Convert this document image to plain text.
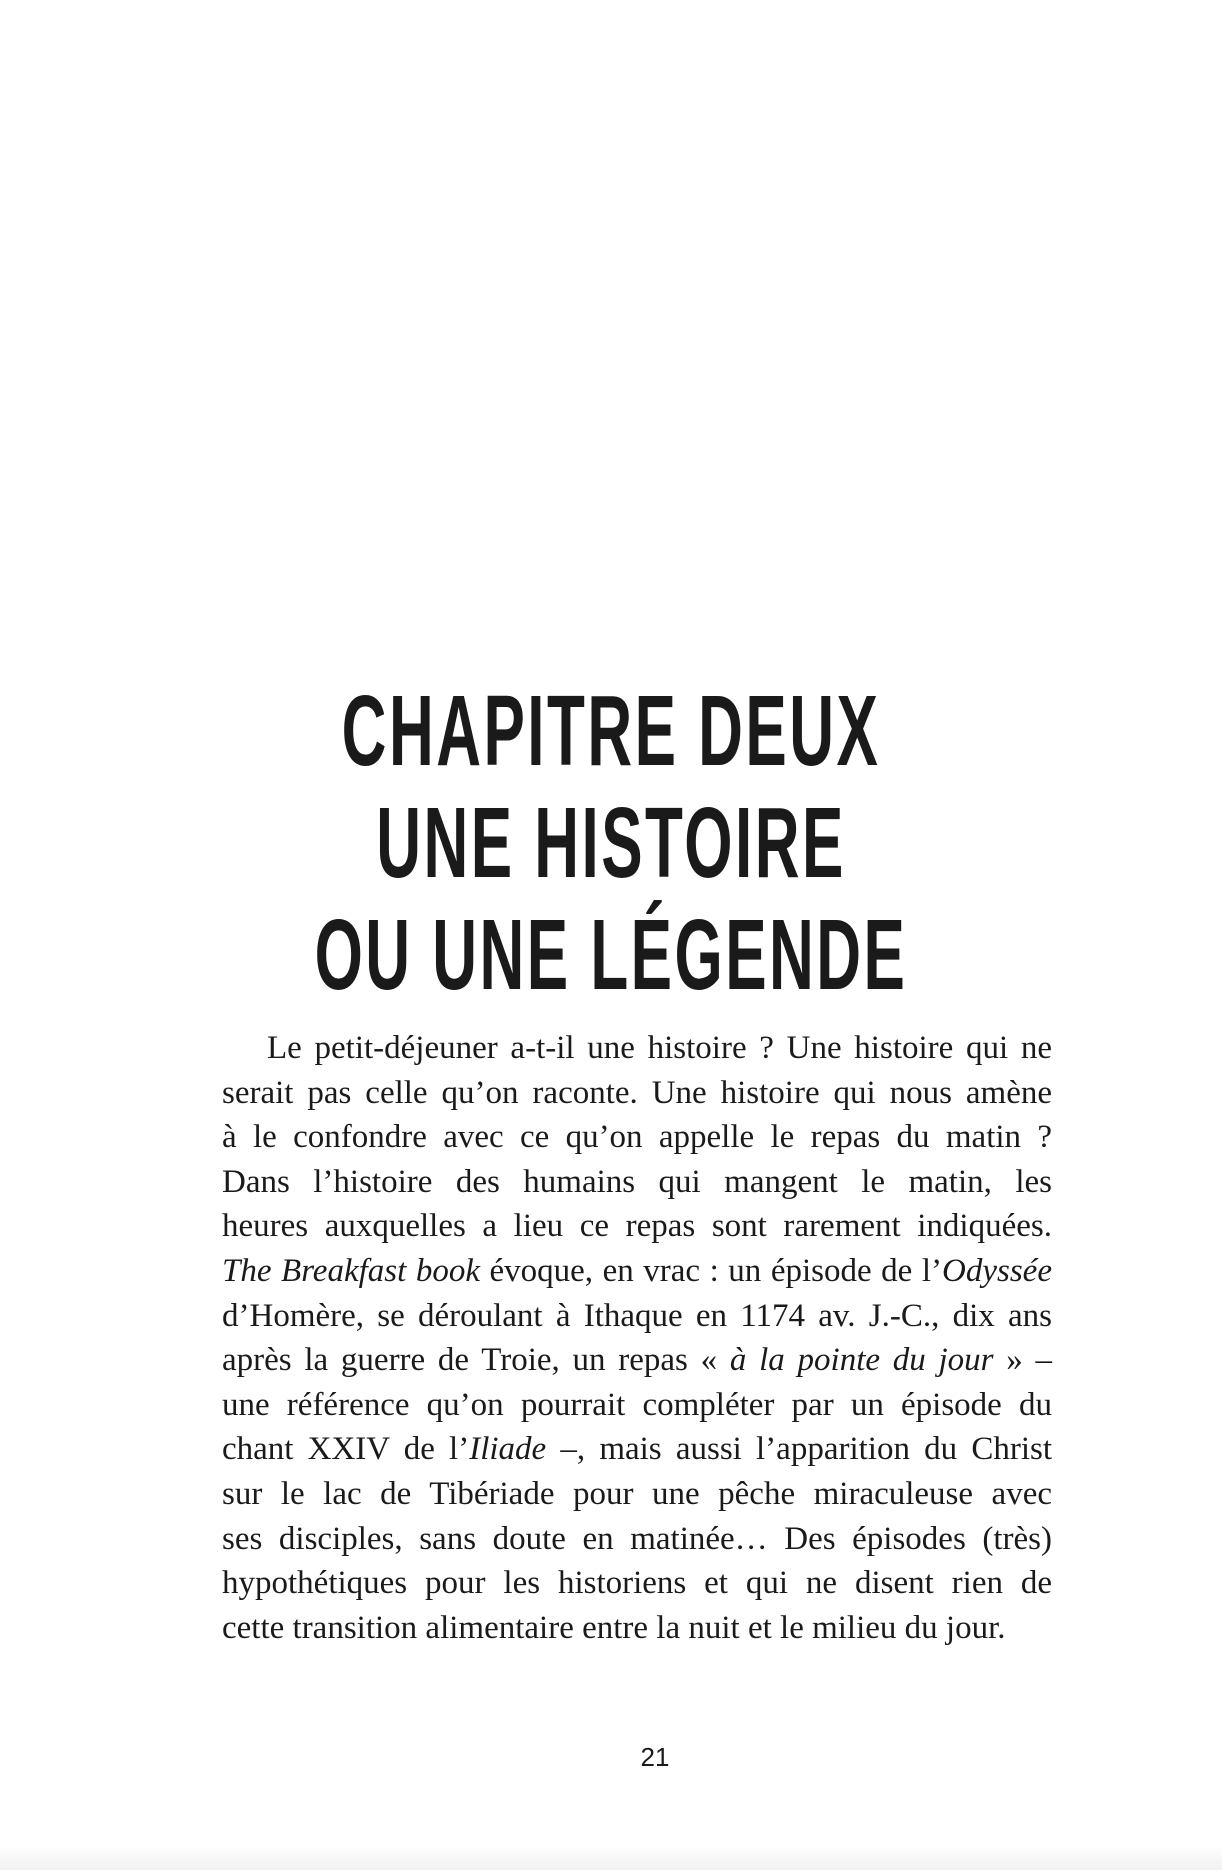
CHAPITRE DEUX
UNE HISTOIRE
OU UNE LÉGENDE
Le petit-déjeuner a-t-il une histoire ? Une histoire qui ne
serait pas celle qu’on raconte. Une histoire qui nous amène
à le confondre avec ce qu’on appelle le repas du matin ?
Dans l’histoire des humains qui mangent le matin, les
heures auxquelles a lieu ce repas sont rarement indiquées.
The Breakfast book évoque, en vrac : un épisode de l’Odyssée
d’Homère, se déroulant à Ithaque en 1174 av. J.-C., dix ans
après la guerre de Troie, un repas « à la pointe du jour » –
une référence qu’on pourrait compléter par un épisode du
chant XXIV de l’Iliade –, mais aussi l’apparition du Christ
sur le lac de Tibériade pour une pêche miraculeuse avec
ses disciples, sans doute en matinée… Des épisodes (très)
hypothétiques pour les historiens et qui ne disent rien de
cette transition alimentaire entre la nuit et le milieu du jour.
21
